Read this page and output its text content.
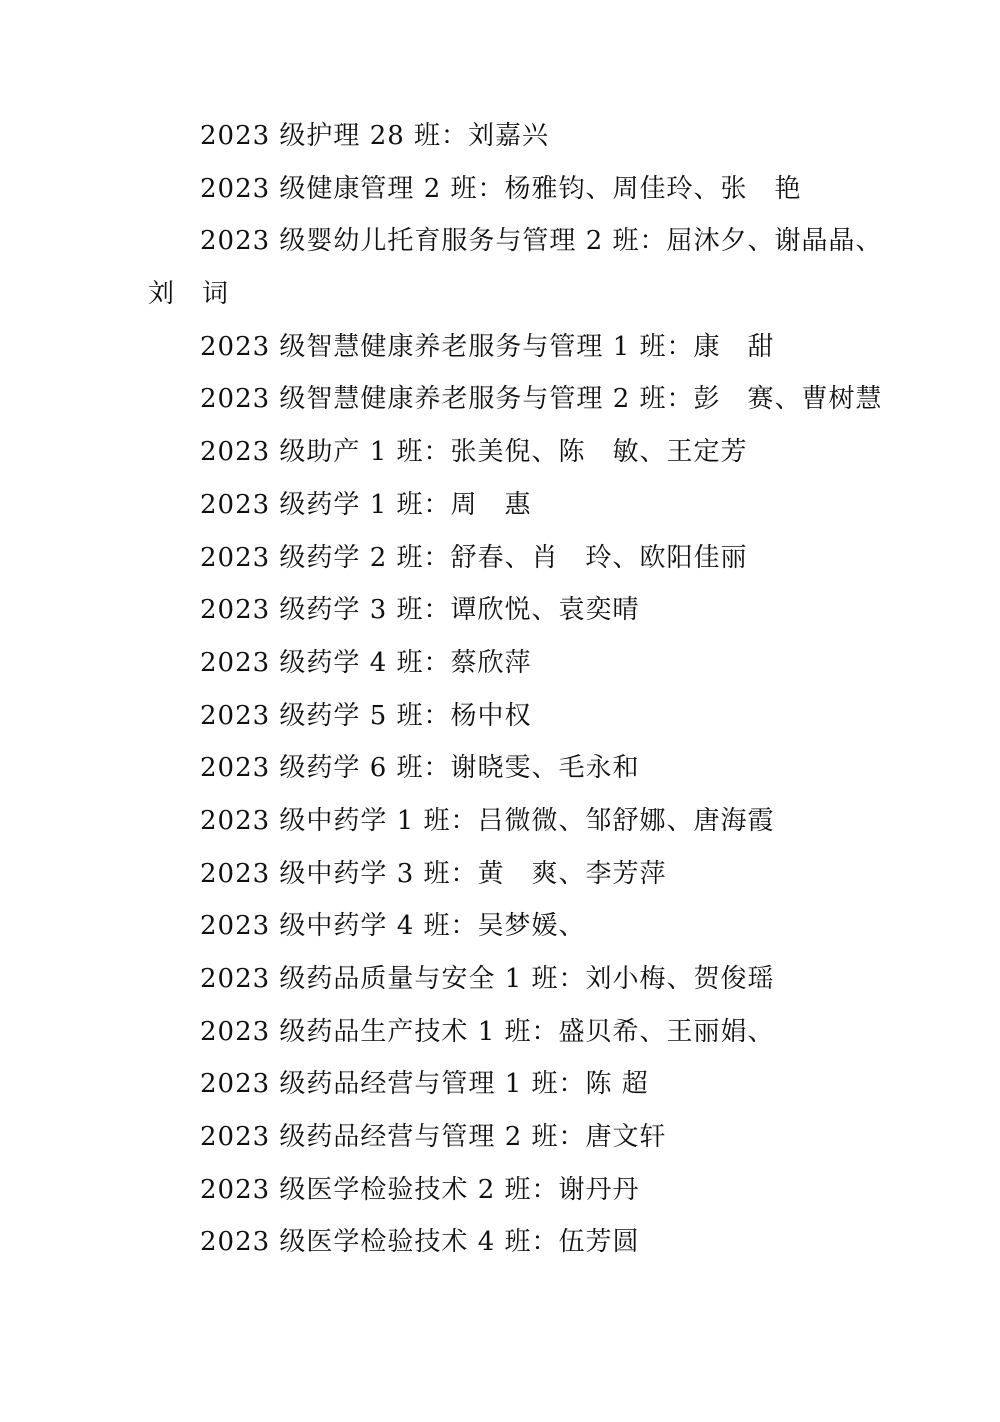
2023 级护理 28 班：刘嘉兴
2023 级健康管理 2 班：杨雅钧、周佳玲、张　艳
2023 级婴幼儿托育服务与管理 2 班：屈沐夕、谢晶晶、
刘　词
2023 级智慧健康养老服务与管理 1 班：康　甜
2023 级智慧健康养老服务与管理 2 班：彭　赛、曹树慧
2023 级助产 1 班：张美倪、陈　敏、王定芳
2023 级药学 1 班：周　惠
2023 级药学 2 班：舒春、肖　玲、欧阳佳丽
2023 级药学 3 班：谭欣悦、袁奕晴
2023 级药学 4 班：蔡欣萍
2023 级药学 5 班：杨中权
2023 级药学 6 班：谢晓雯、毛永和
2023 级中药学 1 班：吕微微、邹舒娜、唐海霞
2023 级中药学 3 班：黄　爽、李芳萍
2023 级中药学 4 班：吴梦媛、
2023 级药品质量与安全 1 班：刘小梅、贺俊瑶
2023 级药品生产技术 1 班：盛贝希、王丽娟、
2023 级药品经营与管理 1 班：陈 超
2023 级药品经营与管理 2 班：唐文轩
2023 级医学检验技术 2 班：谢丹丹
2023 级医学检验技术 4 班：伍芳圆
